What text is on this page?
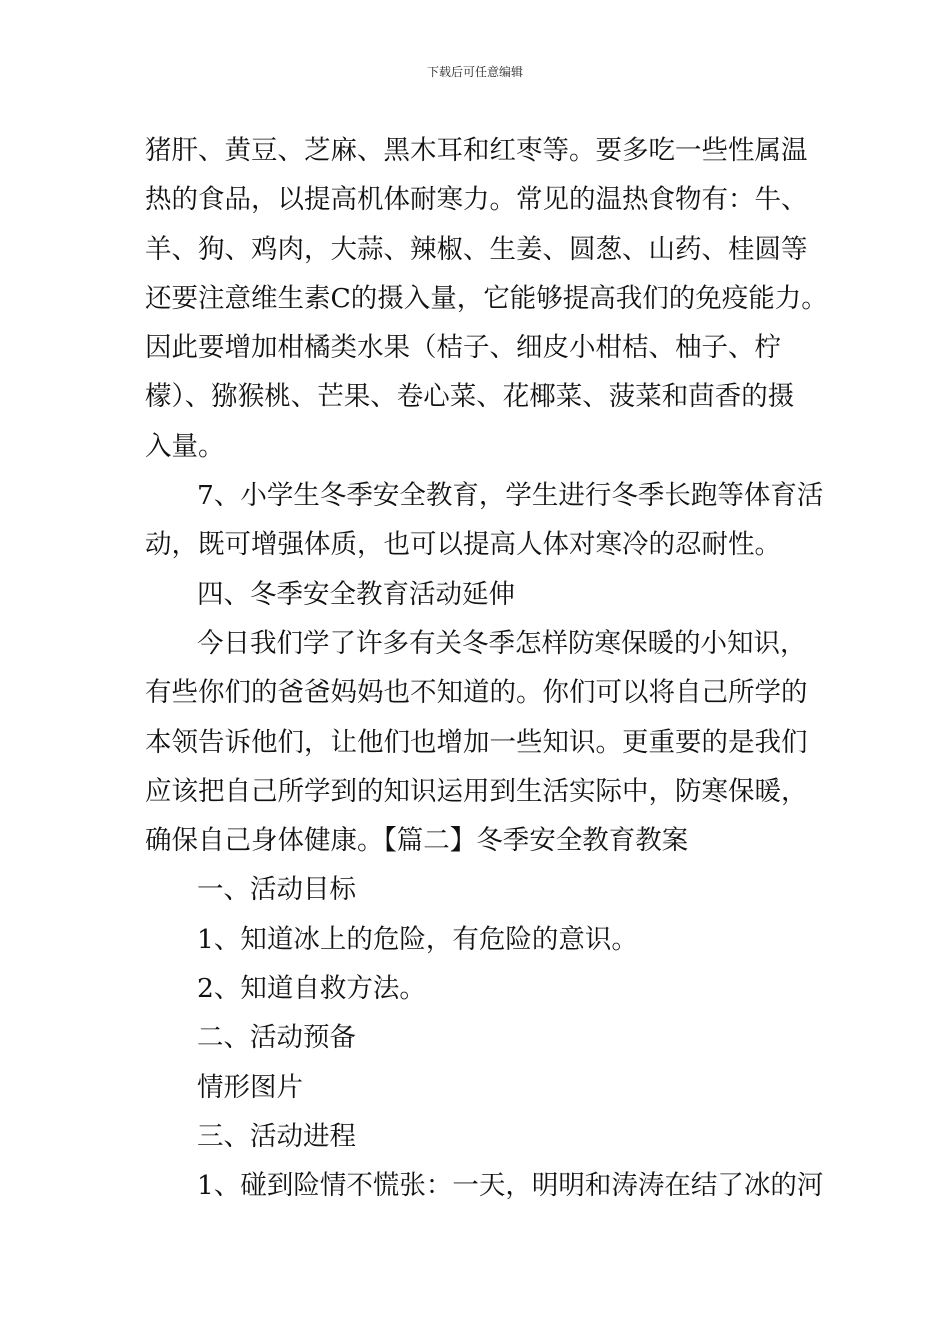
下载后可任意编辑
猪肝、黄豆、芝麻、黑木耳和红枣等。要多吃一些性属温
热的食品，以提高机体耐寒力。常见的温热食物有：牛、
羊、狗、鸡肉，大蒜、辣椒、生姜、圆葱、山药、桂圆等
还要注意维生素C的摄入量，它能够提高我们的免疫能力。
因此要增加柑橘类水果（桔子、细皮小柑桔、柚子、柠
檬）、猕猴桃、芒果、卷心菜、花椰菜、菠菜和茴香的摄
入量。
7、小学生冬季安全教育，学生进行冬季长跑等体育活
动，既可增强体质，也可以提高人体对寒冷的忍耐性。
四、冬季安全教育活动延伸
今日我们学了许多有关冬季怎样防寒保暖的小知识，
有些你们的爸爸妈妈也不知道的。你们可以将自己所学的
本领告诉他们，让他们也增加一些知识。更重要的是我们
应该把自己所学到的知识运用到生活实际中，防寒保暖，
确保自己身体健康。【篇二】冬季安全教育教案
一、活动目标
1、知道冰上的危险，有危险的意识。
2、知道自救方法。
二、活动预备
情形图片
三、活动进程
1、碰到险情不慌张：一天，明明和涛涛在结了冰的河
